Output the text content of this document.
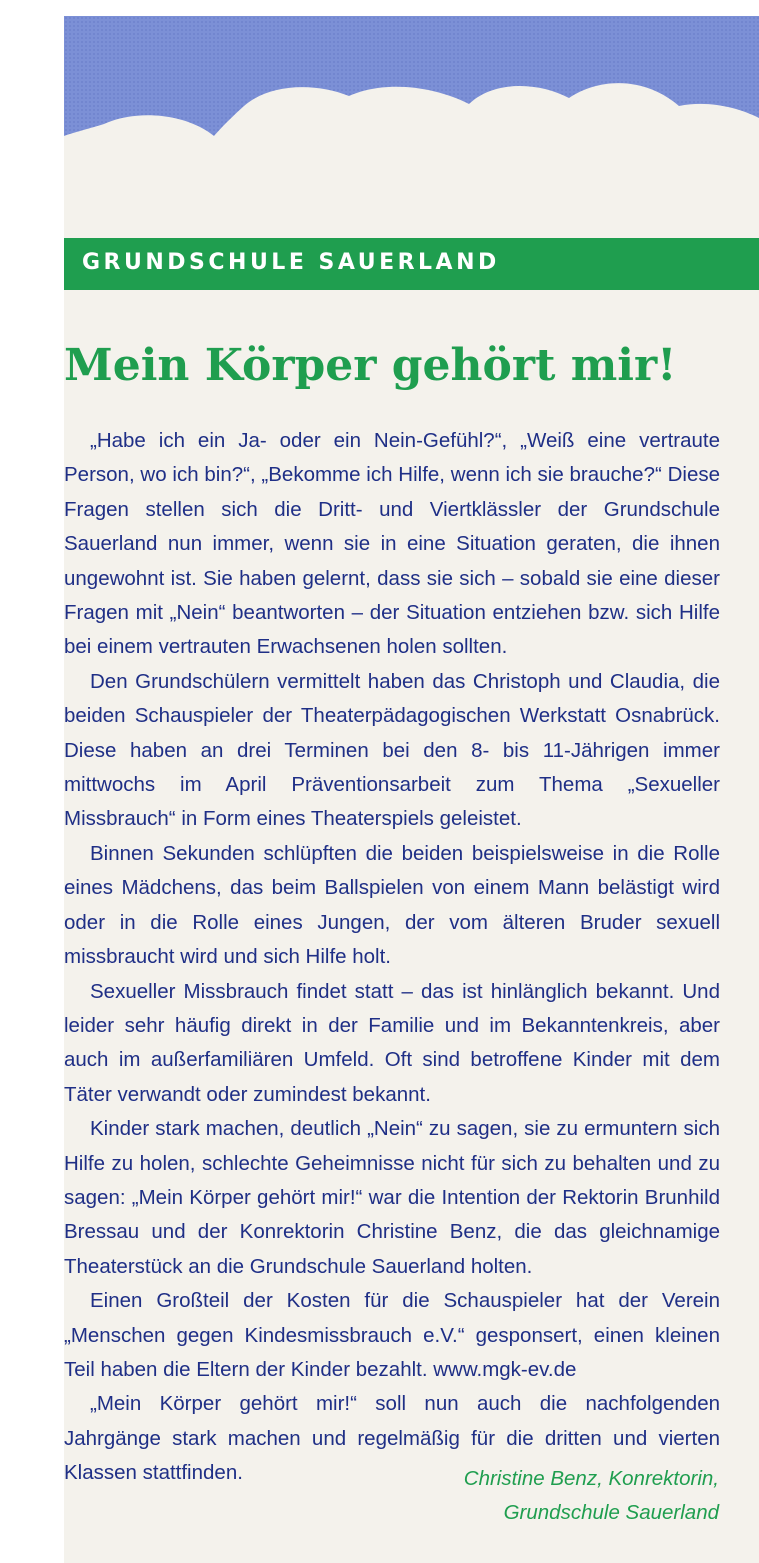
GRUNDSCHULE SAUERLAND
Mein Körper gehört mir!

„Habe ich ein Ja- oder ein Nein-Gefühl?“, „Weiß eine vertraute Person, wo ich bin?“, „Bekomme ich Hilfe, wenn ich sie brauche?“ Diese Fragen stellen sich die Dritt- und Viertklässler der Grundschule Sauerland nun immer, wenn sie in eine Situation geraten, die ihnen ungewohnt ist. Sie haben gelernt, dass sie sich – sobald sie eine dieser Fragen mit „Nein“ beantworten – der Situation entziehen bzw. sich Hilfe bei einem vertrauten Erwachsenen holen sollten.

Den Grundschülern vermittelt haben das Christoph und Claudia, die beiden Schauspieler der Theaterpädagogischen Werkstatt Osnabrück. Diese haben an drei Terminen bei den 8- bis 11-Jährigen immer mittwochs im April Präventionsarbeit zum Thema „Sexueller Missbrauch“ in Form eines Theaterspiels geleistet.

Binnen Sekunden schlüpften die beiden beispielsweise in die Rolle eines Mädchens, das beim Ballspielen von einem Mann belästigt wird oder in die Rolle eines Jungen, der vom älteren Bruder sexuell missbraucht wird und sich Hilfe holt.

Sexueller Missbrauch findet statt – das ist hinlänglich bekannt. Und leider sehr häufig direkt in der Familie und im Bekanntenkreis, aber auch im außerfamiliären Umfeld. Oft sind betroffene Kinder mit dem Täter verwandt oder zumindest bekannt.

Kinder stark machen, deutlich „Nein“ zu sagen, sie zu ermuntern sich Hilfe zu holen, schlechte Geheimnisse nicht für sich zu behalten und zu sagen: „Mein Körper gehört mir!“ war die Intention der Rektorin Brunhild Bressau und der Konrektorin Christine Benz, die das gleichnamige Theaterstück an die Grundschule Sauerland holten.

Einen Großteil der Kosten für die Schauspieler hat der Verein „Menschen gegen Kindesmissbrauch e.V.“ gesponsert, einen kleinen Teil haben die Eltern der Kinder bezahlt. www.mgk-ev.de

„Mein Körper gehört mir!“ soll nun auch die nachfolgenden Jahrgänge stark machen und regelmäßig für die dritten und vierten Klassen stattfinden.	Christine Benz, Konrektorin,
Grundschule Sauerland
